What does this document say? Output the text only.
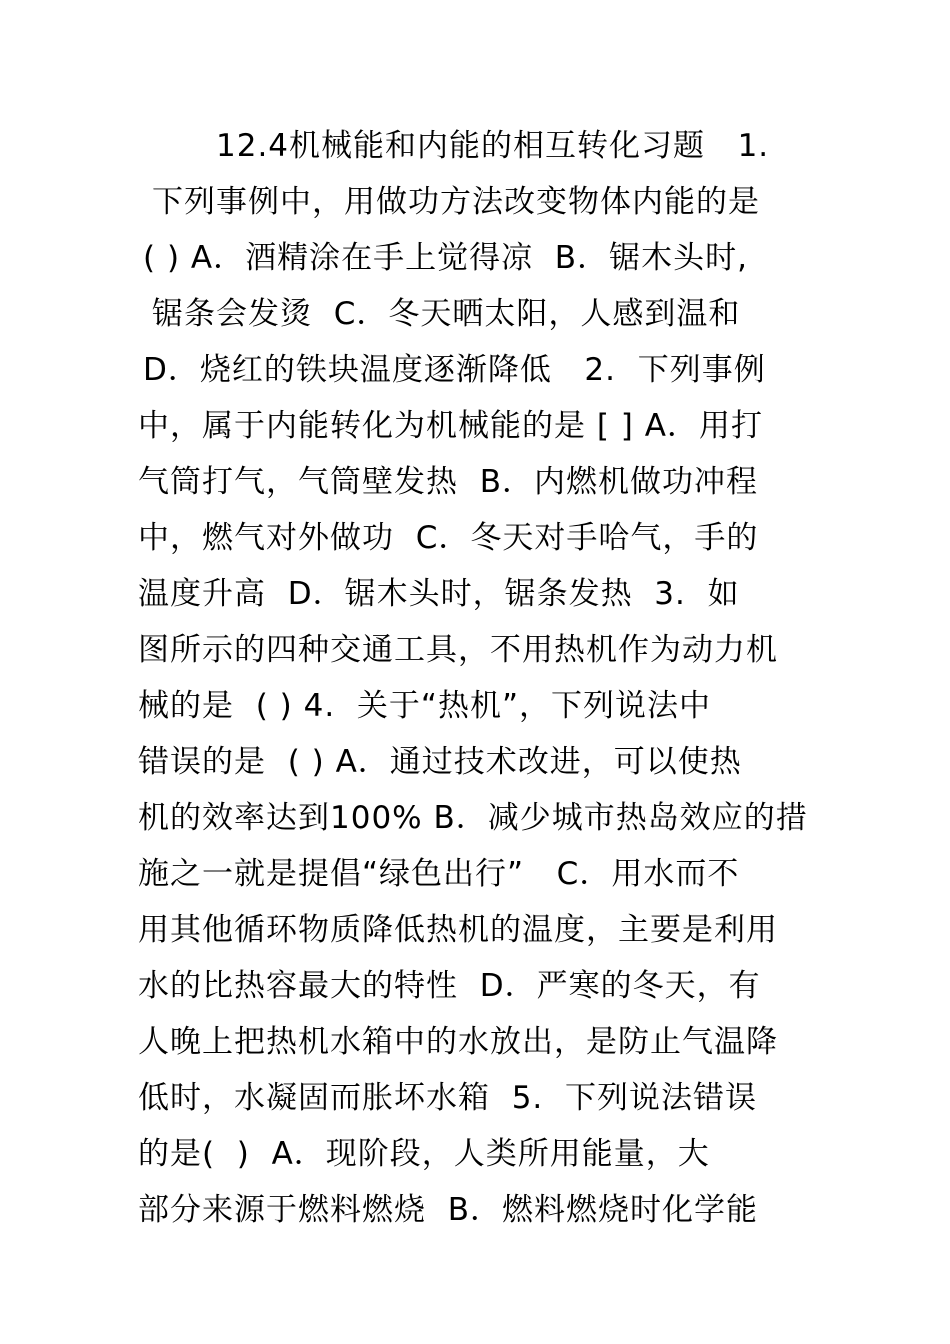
12.4机械能和内能的相互转化习题   1.
下列事例中，用做功方法改变物体内能的是
( ) A．酒精涂在手上觉得凉  B．锯木头时,
锯条会发烫  C．冬天晒太阳，人感到温和
D．烧红的铁块温度逐渐降低   2.  下列事例
中，属于内能转化为机械能的是 [ ] A．用打
气筒打气，气筒壁发热  B．内燃机做功冲程
中，燃气对外做功  C．冬天对手哈气，手的
温度升高  D．锯木头时，锯条发热  3.  如
图所示的四种交通工具，不用热机作为动力机
械的是  ( ) 4.  关于“热机”，下列说法中
错误的是  ( ) A．通过技术改进，可以使热
机的效率达到100% B．减少城市热岛效应的措
施之一就是提倡“绿色出行”   C．用水而不
用其他循环物质降低热机的温度，主要是利用
水的比热容最大的特性  D．严寒的冬天，有
人晚上把热机水箱中的水放出，是防止气温降
低时，水凝固而胀坏水箱  5.  下列说法错误
的是(  )  A．现阶段，人类所用能量，大
部分来源于燃料燃烧  B．燃料燃烧时化学能
